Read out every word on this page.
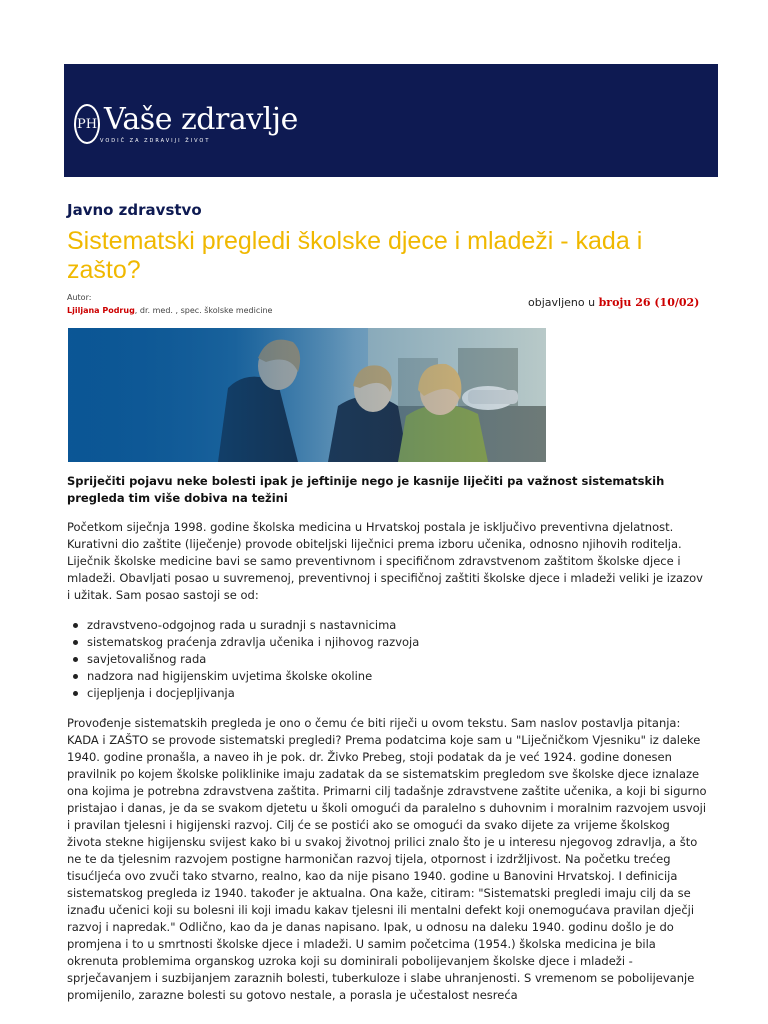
PH Vaše zdravlje
VODIČ ZA ZDRAVIJI ŽIVOT
Javno zdravstvo
Sistematski pregledi školske djece i mladeži - kada i zašto?
Autor:
Ljiljana Podrug, dr. med. , spec. školske medicine
objavljeno u broju 26 (10/02)

Spriječiti pojavu neke bolesti ipak je jeftinije nego je kasnije liječiti pa važnost sistematskih pregleda tim više dobiva na težini

Početkom siječnja 1998. godine školska medicina u Hrvatskoj postala je isključivo preventivna djelatnost. Kurativni dio zaštite (liječenje) provode obiteljski liječnici prema izboru učenika, odnosno njihovih roditelja. Liječnik školske medicine bavi se samo preventivnom i specifičnom zdravstvenom zaštitom školske djece i mladeži. Obavljati posao u suvremenoj, preventivnoj i specifičnoj zaštiti školske djece i mladeži veliki je izazov i užitak. Sam posao sastoji se od:

zdravstveno-odgojnog rada u suradnji s nastavnicima
sistematskog praćenja zdravlja učenika i njihovog razvoja
savjetovališnog rada
nadzora nad higijenskim uvjetima školske okoline
cijepljenja i docjepljivanja

Provođenje sistematskih pregleda je ono o čemu će biti riječi u ovom tekstu. Sam naslov postavlja pitanja: KADA i ZAŠTO se provode sistematski pregledi? Prema podatcima koje sam u "Liječničkom Vjesniku" iz daleke 1940. godine pronašla, a naveo ih je pok. dr. Živko Prebeg, stoji podatak da je već 1924. godine donesen pravilnik po kojem školske poliklinike imaju zadatak da se sistematskim pregledom sve školske djece iznalaze ona kojima je potrebna zdravstvena zaštita. Primarni cilj tadašnje zdravstvene zaštite učenika, a koji bi sigurno pristajao i danas, je da se svakom djetetu u školi omogući da paralelno s duhovnim i moralnim razvojem usvoji i pravilan tjelesni i higijenski razvoj. Cilj će se postići ako se omogući da svako dijete za vrijeme školskog života stekne higijensku svijest kako bi u svakoj životnoj prilici znalo što je u interesu njegovog zdravlja, a što ne te da tjelesnim razvojem postigne harmoničan razvoj tijela, otpornost i izdržljivost. Na početku trećeg tisućljeća ovo zvuči tako stvarno, realno, kao da nije pisano 1940. godine u Banovini Hrvatskoj. I definicija sistematskog pregleda iz 1940. također je aktualna. Ona kaže, citiram: "Sistematski pregledi imaju cilj da se iznađu učenici koji su bolesni ili koji imadu kakav tjelesni ili mentalni defekt koji onemogućava pravilan dječji razvoj i napredak." Odlično, kao da je danas napisano. Ipak, u odnosu na daleku 1940. godinu došlo je do promjena i to u smrtnosti školske djece i mladeži. U samim početcima (1954.) školska medicina je bila okrenuta problemima organskog uzroka koji su dominirali pobolijevanjem školske djece i mladeži - sprječavanjem i suzbijanjem zaraznih bolesti, tuberkuloze i slabe uhranjenosti. S vremenom se pobolijevanje promijenilo, zarazne bolesti su gotovo nestale, a porasla je učestalost nesreća
